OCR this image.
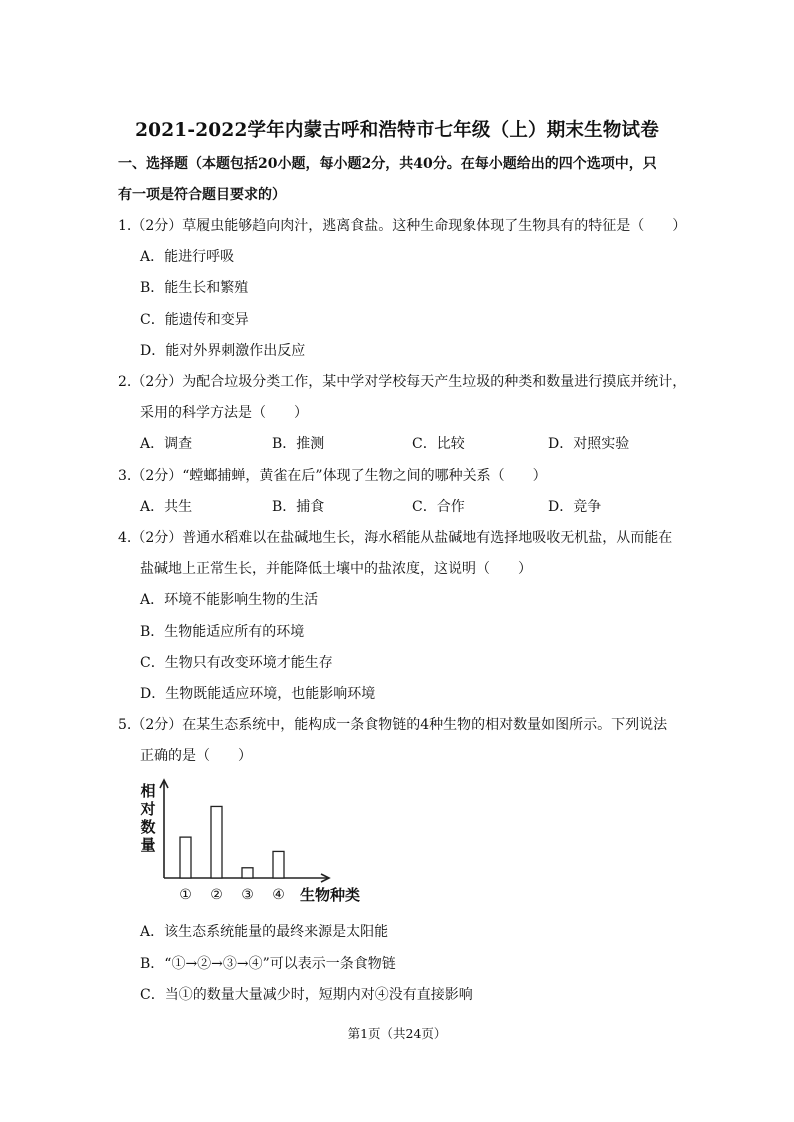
2021-2022学年内蒙古呼和浩特市七年级（上）期末生物试卷
一、选择题（本题包括20小题，每小题2分，共40分。在每小题给出的四个选项中，只
有一项是符合题目要求的）
1.（2分）草履虫能够趋向肉汁，逃离食盐。这种生命现象体现了生物具有的特征是（　　）
A．能进行呼吸
B．能生长和繁殖
C．能遗传和变异
D．能对外界刺激作出反应
2.（2分）为配合垃圾分类工作，某中学对学校每天产生垃圾的种类和数量进行摸底并统计，
采用的科学方法是（　　）
A．调查	B．推测	C．比较	D．对照实验
3.（2分）“螳螂捕蝉，黄雀在后”体现了生物之间的哪种关系（　　）
A．共生	B．捕食	C．合作	D．竞争
4.（2分）普通水稻难以在盐碱地生长，海水稻能从盐碱地有选择地吸收无机盐，从而能在
盐碱地上正常生长，并能降低土壤中的盐浓度，这说明（　　）
A．环境不能影响生物的生活
B．生物能适应所有的环境
C．生物只有改变环境才能生存
D．生物既能适应环境，也能影响环境
5.（2分）在某生态系统中，能构成一条食物链的4种生物的相对数量如图所示。下列说法
正确的是（　　）
相
对
数
量
① ② ③ ④ 生物种类
A．该生态系统能量的最终来源是太阳能
B．“①→②→③→④”可以表示一条食物链
C．当①的数量大量减少时，短期内对④没有直接影响
第1页（共24页）
